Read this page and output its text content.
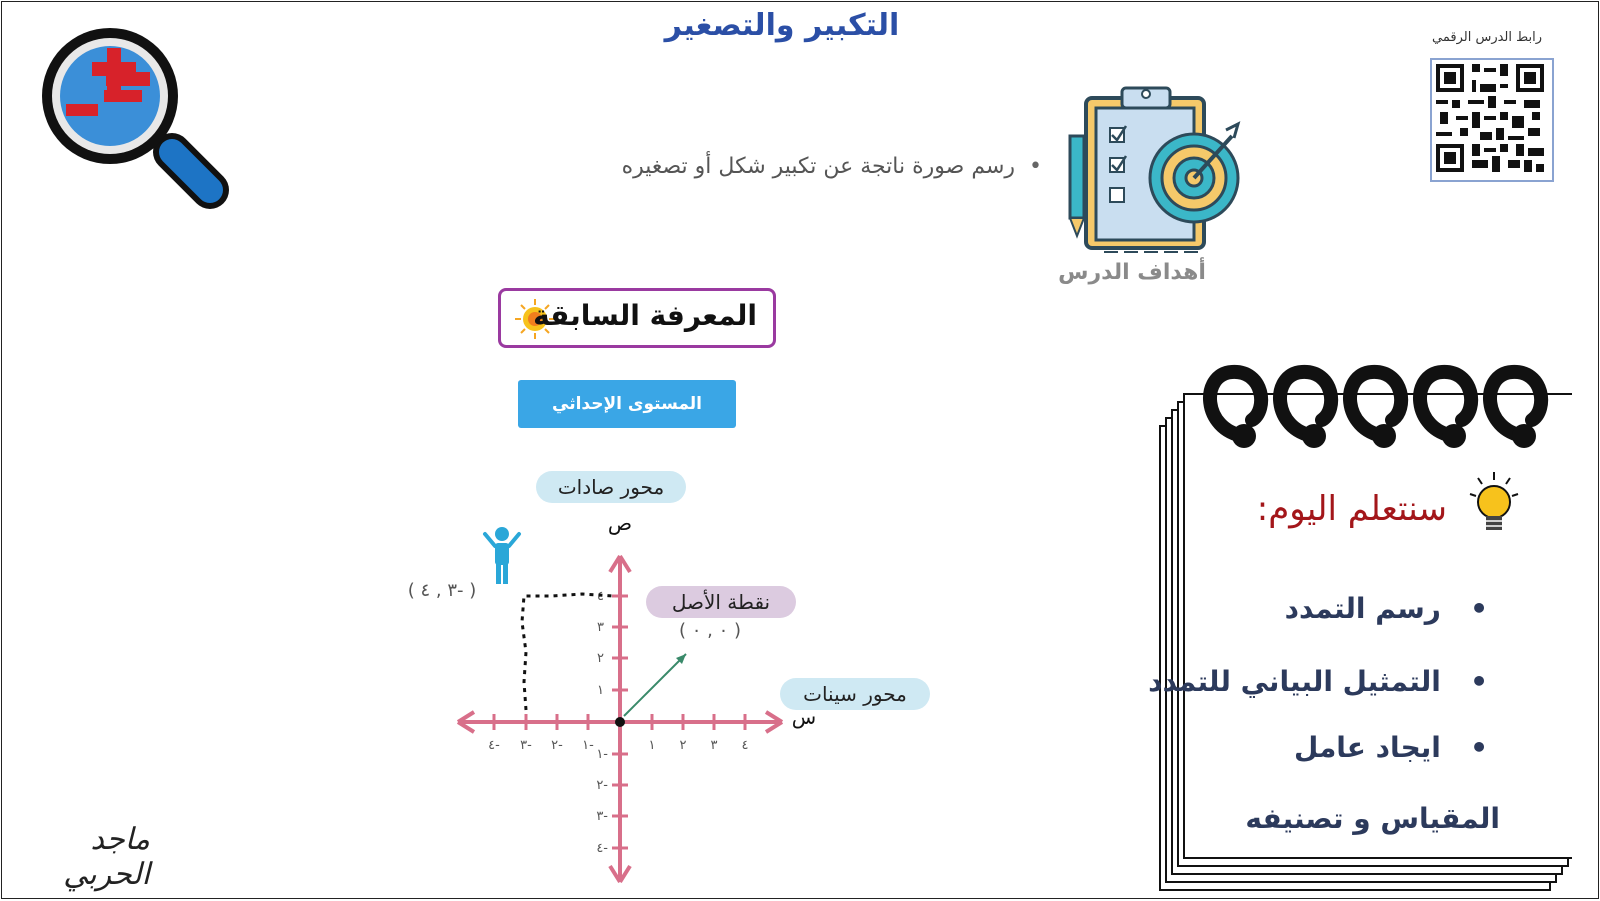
التكبير والتصغير	رابط الدرس الرقمي
•  رسم صورة ناتجة عن تكبير شكل أو تصغيره
أهداف الدرس
المعرفة السابقة
المستوى الإحداثي
محور صادات
نقطة الأصل
محور سينات
١ ٢ ٣ ٤
١-
٢-
٣-
٤-
١
٢
٣
٤
١-
٢-
٣-
٤-
ص
س
( ٠ , ٠ )
( -٣ , ٤ )
سنتعلم اليوم:
•   رسم التمدد
•   التمثيل البياني للتمدد
•   ايجاد عامل
المقياس و تصنيفه
ماجد الحربي
